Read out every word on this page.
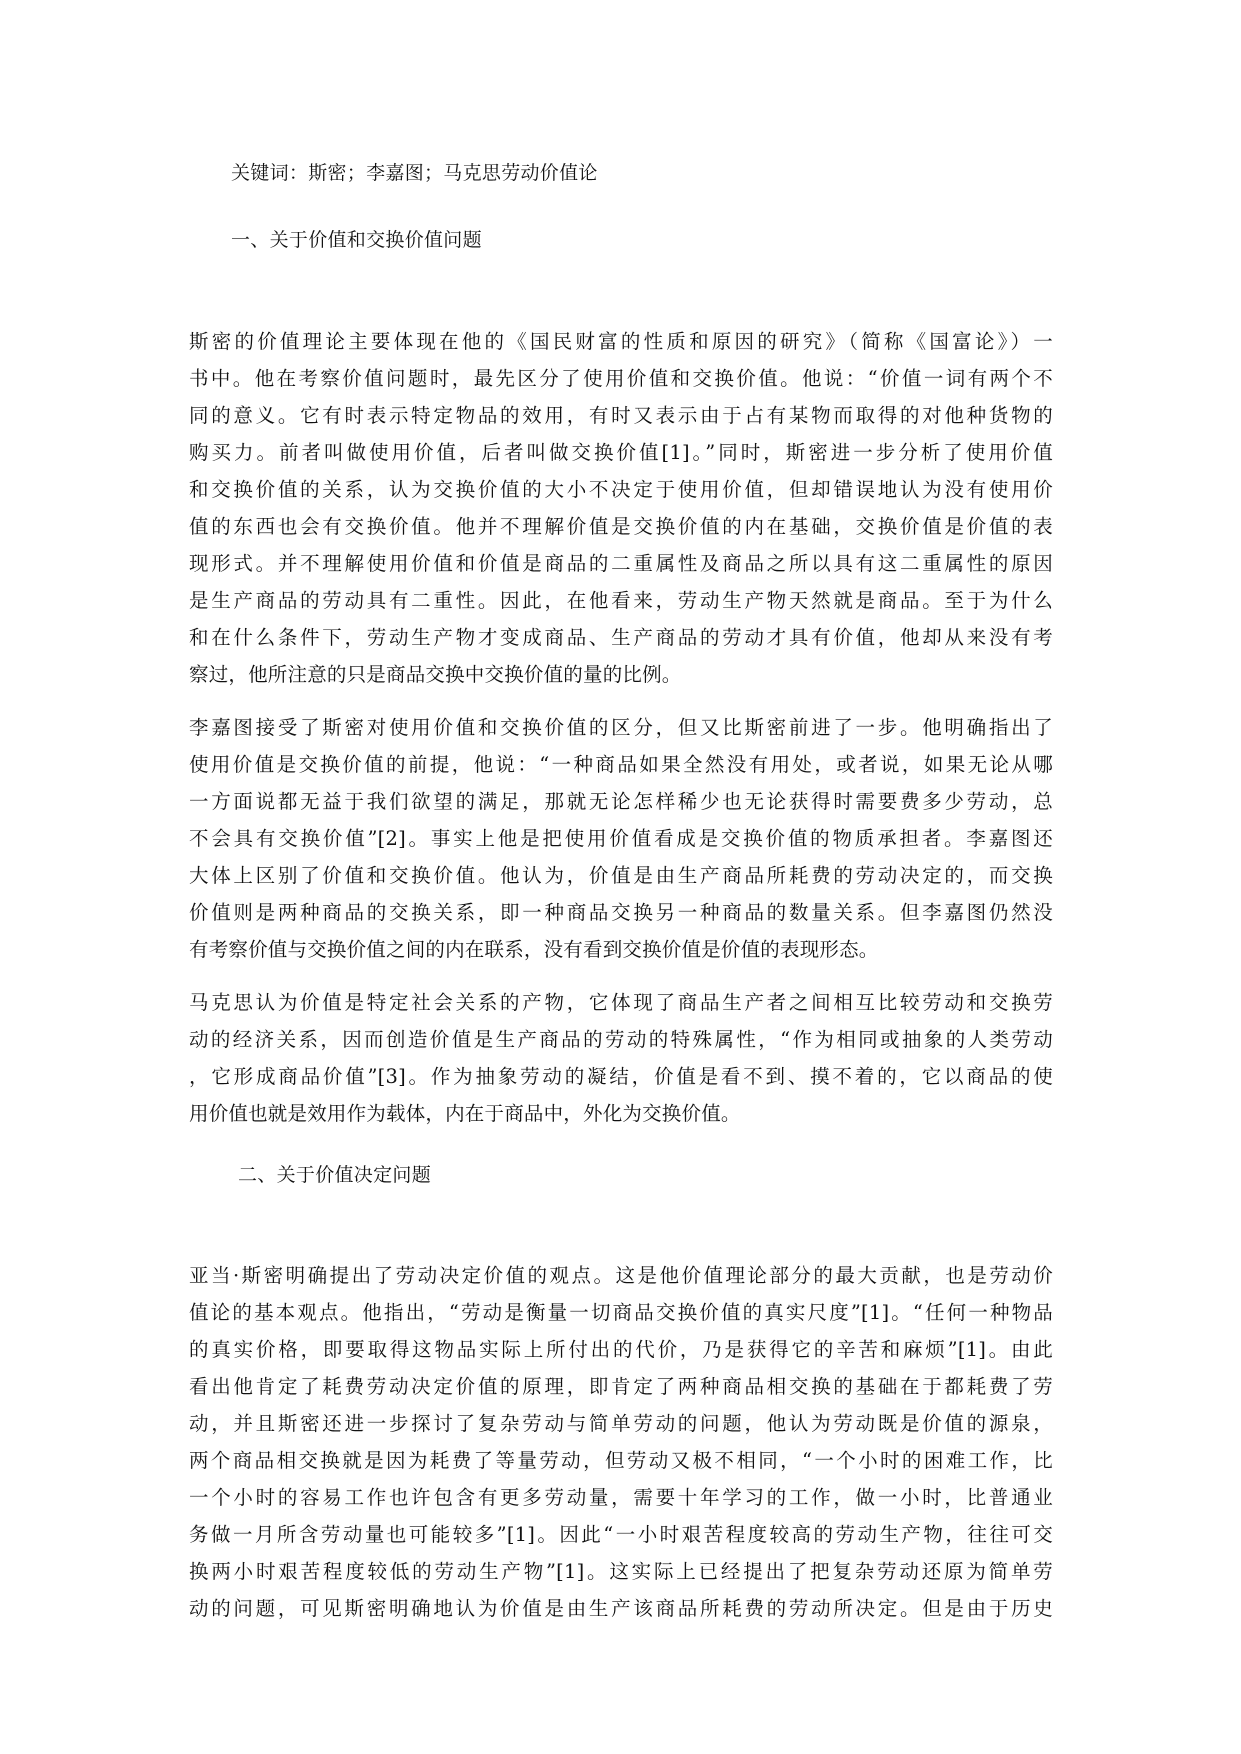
关键词：斯密；李嘉图；马克思劳动价值论
一、关于价值和交换价值问题
斯密的价值理论主要体现在他的《国民财富的性质和原因的研究》（简称《国富论》）一
书中。他在考察价值问题时，最先区分了使用价值和交换价值。他说：“价值一词有两个不
同的意义。它有时表示特定物品的效用，有时又表示由于占有某物而取得的对他种货物的
购买力。前者叫做使用价值，后者叫做交换价值[1]。”同时，斯密进一步分析了使用价值
和交换价值的关系，认为交换价值的大小不决定于使用价值，但却错误地认为没有使用价
值的东西也会有交换价值。他并不理解价值是交换价值的内在基础，交换价值是价值的表
现形式。并不理解使用价值和价值是商品的二重属性及商品之所以具有这二重属性的原因
是生产商品的劳动具有二重性。因此，在他看来，劳动生产物天然就是商品。至于为什么
和在什么条件下，劳动生产物才变成商品、生产商品的劳动才具有价值，他却从来没有考
察过，他所注意的只是商品交换中交换价值的量的比例。
李嘉图接受了斯密对使用价值和交换价值的区分，但又比斯密前进了一步。他明确指出了
使用价值是交换价值的前提，他说：“一种商品如果全然没有用处，或者说，如果无论从哪
一方面说都无益于我们欲望的满足，那就无论怎样稀少也无论获得时需要费多少劳动，总
不会具有交换价值”[2]。事实上他是把使用价值看成是交换价值的物质承担者。李嘉图还
大体上区别了价值和交换价值。他认为，价值是由生产商品所耗费的劳动决定的，而交换
价值则是两种商品的交换关系，即一种商品交换另一种商品的数量关系。但李嘉图仍然没
有考察价值与交换价值之间的内在联系，没有看到交换价值是价值的表现形态。
马克思认为价值是特定社会关系的产物，它体现了商品生产者之间相互比较劳动和交换劳
动的经济关系，因而创造价值是生产商品的劳动的特殊属性，“作为相同或抽象的人类劳动
，它形成商品价值”[3]。作为抽象劳动的凝结，价值是看不到、摸不着的，它以商品的使
用价值也就是效用作为载体，内在于商品中，外化为交换价值。
二、关于价值决定问题
亚当·斯密明确提出了劳动决定价值的观点。这是他价值理论部分的最大贡献，也是劳动价
值论的基本观点。他指出，“劳动是衡量一切商品交换价值的真实尺度”[1]。“任何一种物品
的真实价格，即要取得这物品实际上所付出的代价，乃是获得它的辛苦和麻烦”[1]。由此
看出他肯定了耗费劳动决定价值的原理，即肯定了两种商品相交换的基础在于都耗费了劳
动，并且斯密还进一步探讨了复杂劳动与简单劳动的问题，他认为劳动既是价值的源泉，
两个商品相交换就是因为耗费了等量劳动，但劳动又极不相同，“一个小时的困难工作，比
一个小时的容易工作也许包含有更多劳动量，需要十年学习的工作，做一小时，比普通业
务做一月所含劳动量也可能较多”[1]。因此“一小时艰苦程度较高的劳动生产物，往往可交
换两小时艰苦程度较低的劳动生产物”[1]。这实际上已经提出了把复杂劳动还原为简单劳
动的问题，可见斯密明确地认为价值是由生产该商品所耗费的劳动所决定。但是由于历史
